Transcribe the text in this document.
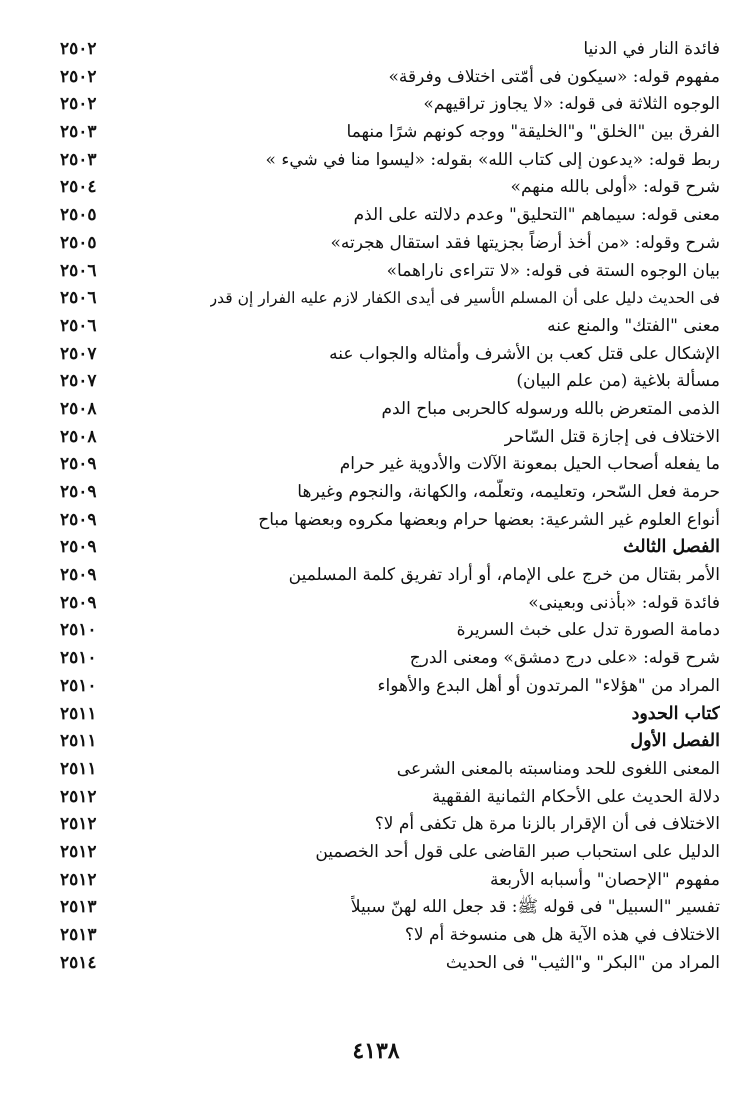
فائدة النار في الدنيا
٢٥٠٢
مفهوم قوله: «سيكون فى أمّتى اختلاف وفرقة»
٢٥٠٢
الوجوه الثلاثة فى قوله: «لا يجاوز تراقيهم»
٢٥٠٢
الفرق بين "الخلق" و"الخليقة" ووجه كونهم شرًا منهما
٢٥٠٣
ربط قوله: «يدعون إلى كتاب الله» بقوله: «ليسوا منا في شيء »
٢٥٠٣
شرح قوله: «أولى بالله منهم»
٢٥٠٤
معنى قوله: سيماهم "التحليق" وعدم دلالته على الذم
٢٥٠٥
شرح وقوله: «من أخذ أرضاً بجزيتها فقد استقال هجرته»
٢٥٠٥
بيان الوجوه الستة فى قوله: «لا تتراءى ناراهما»
٢٥٠٦
فى الحديث دليل على أن المسلم الأسير فى أيدى الكفار لازم عليه الفرار إن قدر
٢٥٠٦
معنى "الفتك" والمنع عنه
٢٥٠٦
الإشكال على قتل كعب بن الأشرف وأمثاله والجواب عنه
٢٥٠٧
مسألة بلاغية (من علم البيان)
٢٥٠٧
الذمى المتعرض بالله ورسوله كالحربى مباح الدم
٢٥٠٨
الاختلاف فى إجازة قتل السّاحر
٢٥٠٨
ما يفعله أصحاب الحيل بمعونة الآلات والأدوية غير حرام
٢٥٠٩
حرمة فعل السّحر، وتعليمه، وتعلّمه، والكهانة، والنجوم وغيرها
٢٥٠٩
أنواع العلوم غير الشرعية: بعضها حرام وبعضها مكروه وبعضها مباح
٢٥٠٩
الفصل الثالث
٢٥٠٩
الأمر بقتال من خرج على الإمام، أو أراد تفريق كلمة المسلمين
٢٥٠٩
فائدة قوله: «بأذنى وبعينى»
٢٥٠٩
دمامة الصورة تدل على خبث السريرة
٢٥١٠
شرح قوله: «على درج دمشق» ومعنى الدرج
٢٥١٠
المراد من "هؤلاء" المرتدون أو أهل البدع والأهواء
٢٥١٠
كتاب الحدود
٢٥١١
الفصل الأول
٢٥١١
المعنى اللغوى للحد ومناسبته بالمعنى الشرعى
٢٥١١
دلالة الحديث على الأحكام الثمانية الفقهية
٢٥١٢
الاختلاف فى أن الإقرار بالزنا مرة هل تكفى أم لا؟
٢٥١٢
الدليل على استحباب صبر القاضى على قول أحد الخصمين
٢٥١٢
مفهوم "الإحصان" وأسبابه الأربعة
٢٥١٢
تفسير "السبيل" فى قوله ﷺ: قد جعل الله لهنّ سبيلاً
٢٥١٣
الاختلاف في هذه الآية هل هى منسوخة أم لا؟
٢٥١٣
المراد من "البكر" و"الثيب" فى الحديث
٢٥١٤
٤١٣٨
